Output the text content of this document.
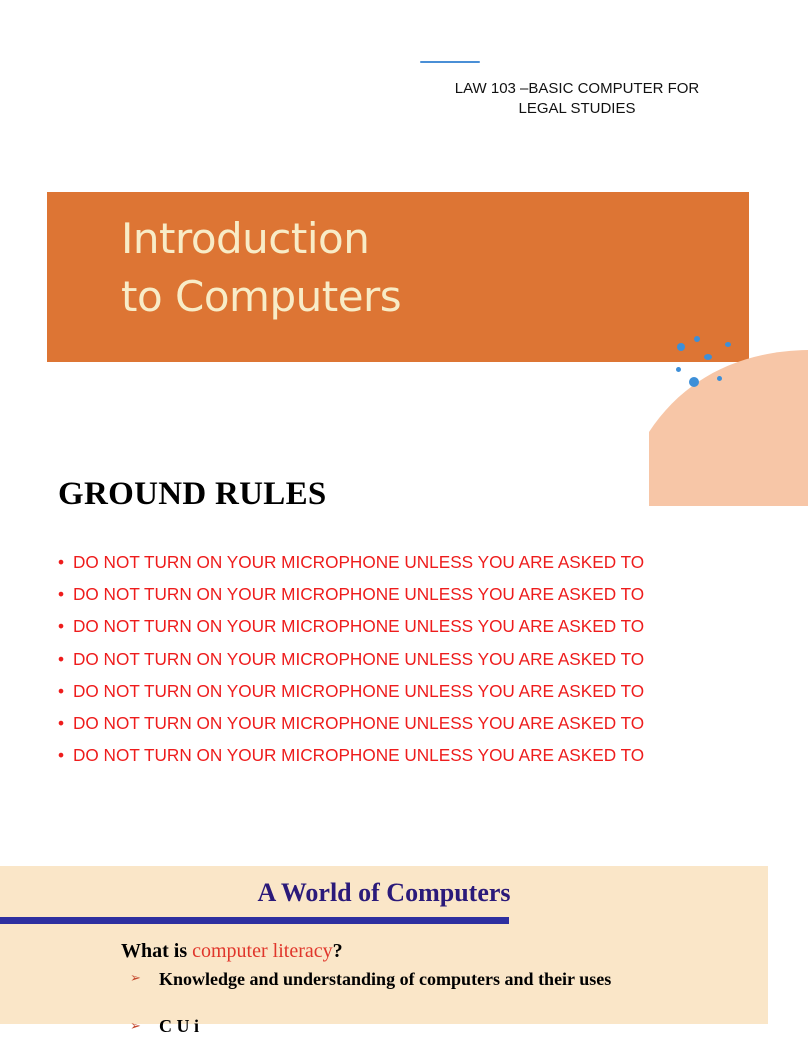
LAW 103 –BASIC COMPUTER FOR LEGAL STUDIES
Introduction
to Computers
GROUND RULES
• DO NOT TURN ON YOUR MICROPHONE UNLESS YOU ARE ASKED TO
• DO NOT TURN ON YOUR MICROPHONE UNLESS YOU ARE ASKED TO
• DO NOT TURN ON YOUR MICROPHONE UNLESS YOU ARE ASKED TO
• DO NOT TURN ON YOUR MICROPHONE UNLESS YOU ARE ASKED TO
• DO NOT TURN ON YOUR MICROPHONE UNLESS YOU ARE ASKED TO
• DO NOT TURN ON YOUR MICROPHONE UNLESS YOU ARE ASKED TO
• DO NOT TURN ON YOUR MICROPHONE UNLESS YOU ARE ASKED TO
A World of Computers
What is computer literacy?
➢ Knowledge and understanding of computers and their uses
➢ C U i
